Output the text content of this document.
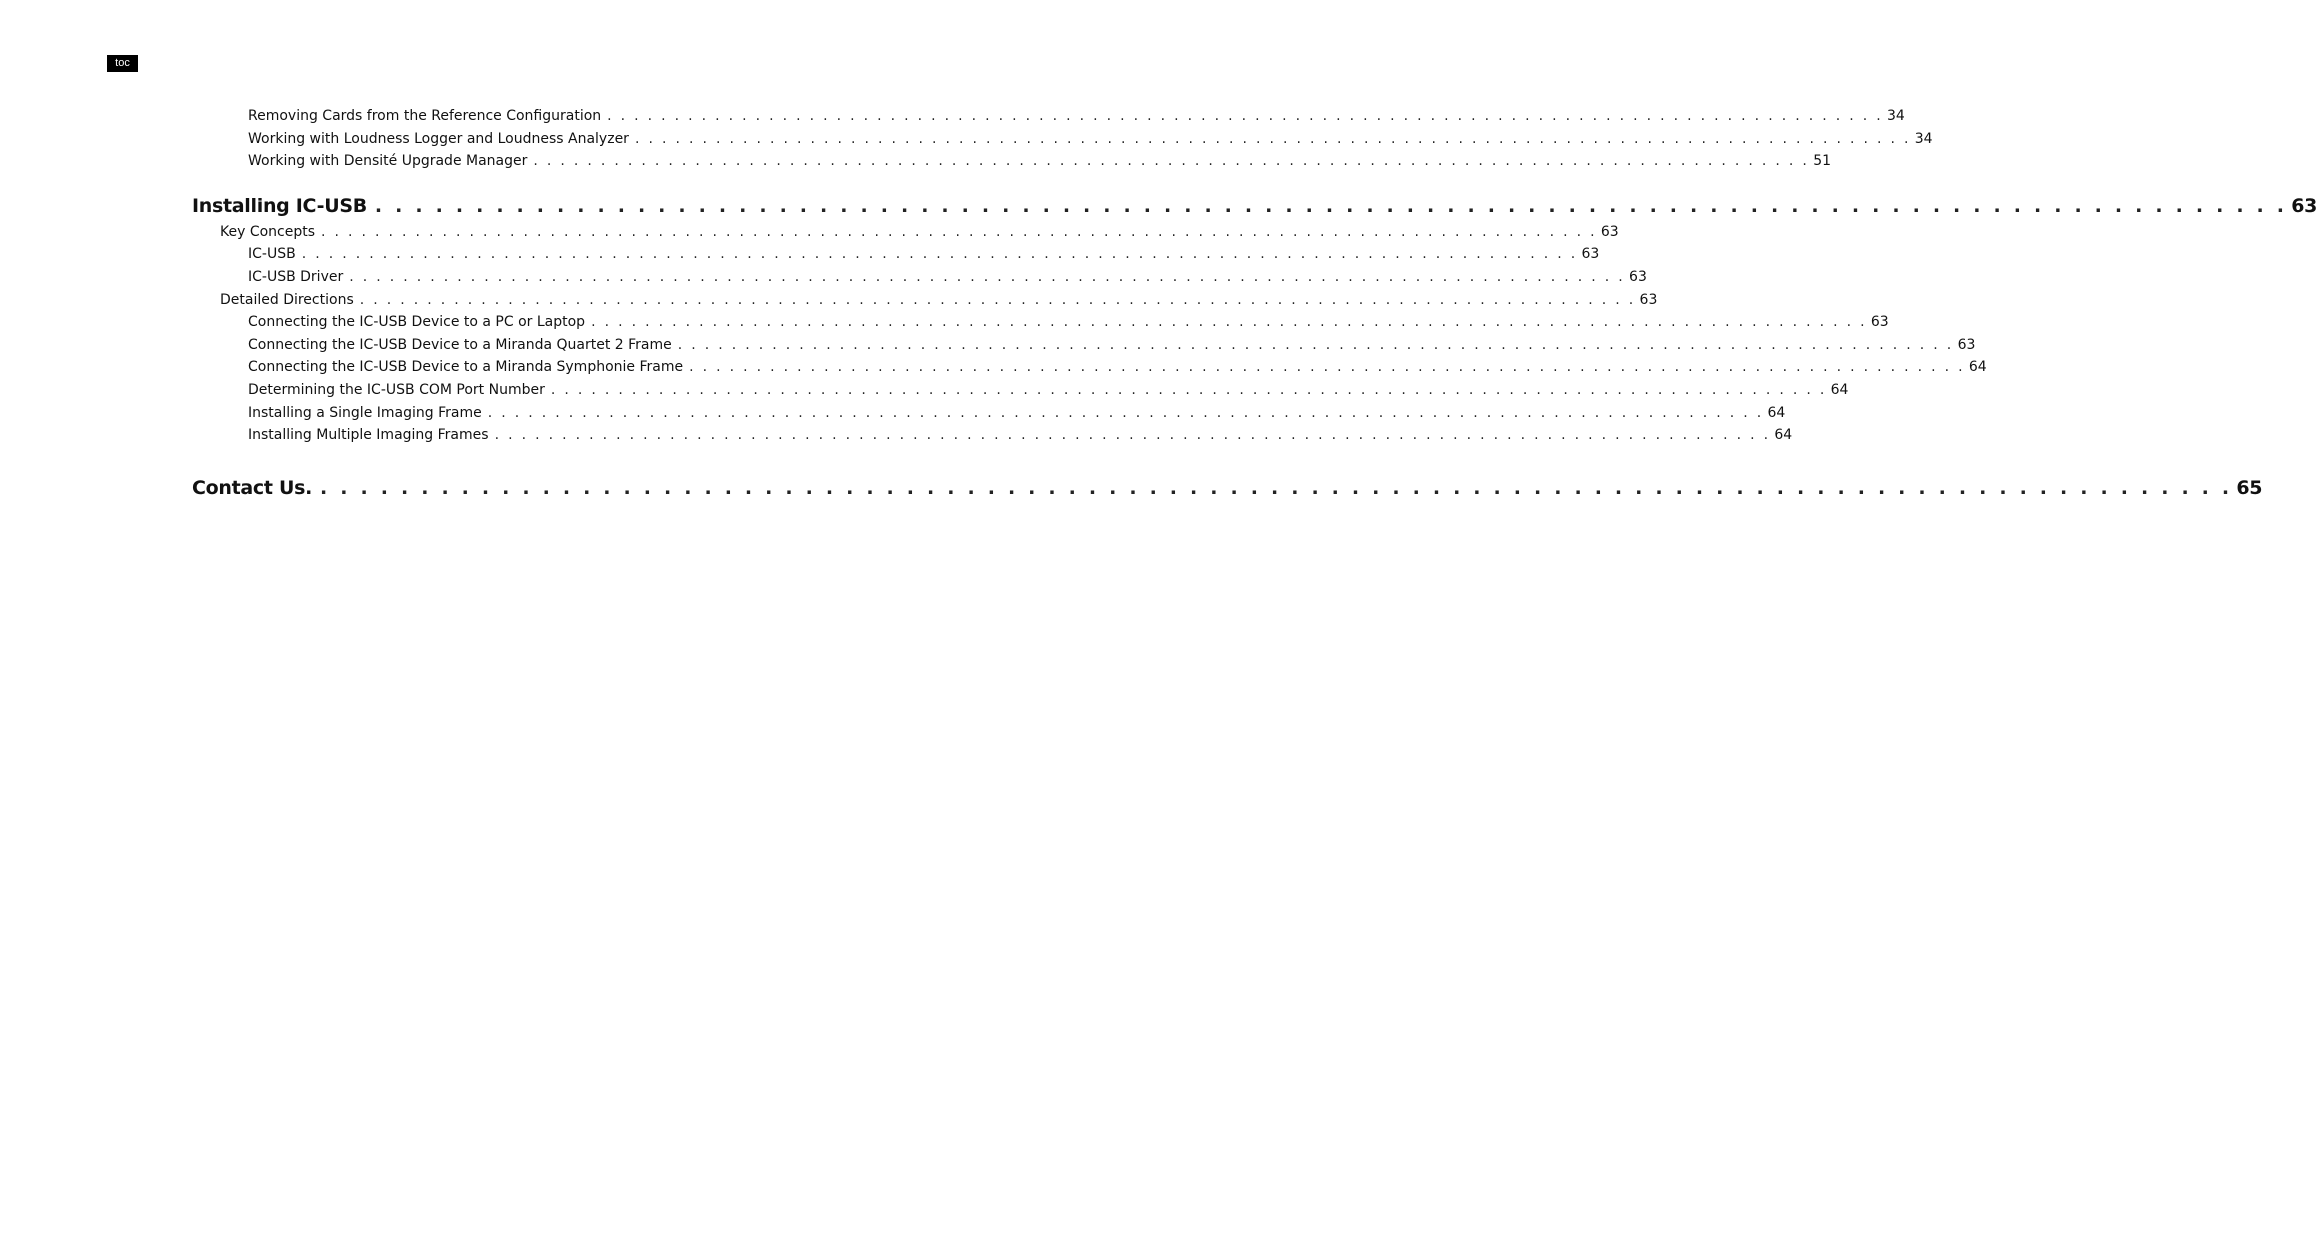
toc
Removing Cards from the Reference Configuration . . . . . . . . . . . . . . . . . . . . . . . . . . . . . . . . . . . . . . . . . . . . . . . . . . . . . . . . . . . . . . . . . . . . . . . . . . . . . . . . . . . . . . . . . . . . . . . 34
Working with Loudness Logger and Loudness Analyzer . . . . . . . . . . . . . . . . . . . . . . . . . . . . . . . . . . . . . . . . . . . . . . . . . . . . . . . . . . . . . . . . . . . . . . . . . . . . . . . . . . . . . . . . . . . . . . . 34
Working with Densité Upgrade Manager . . . . . . . . . . . . . . . . . . . . . . . . . . . . . . . . . . . . . . . . . . . . . . . . . . . . . . . . . . . . . . . . . . . . . . . . . . . . . . . . . . . . . . . . . . . . . . . 51
Installing IC-USB . . . . . . . . . . . . . . . . . . . . . . . . . . . . . . . . . . . . . . . . . . . . . . . . . . . . . . . . . . . . . . . . . . . . . . . . . . . . . . . . . . . . . . . . . . . . . . . 63
Key Concepts . . . . . . . . . . . . . . . . . . . . . . . . . . . . . . . . . . . . . . . . . . . . . . . . . . . . . . . . . . . . . . . . . . . . . . . . . . . . . . . . . . . . . . . . . . . . . . . 63
IC-USB . . . . . . . . . . . . . . . . . . . . . . . . . . . . . . . . . . . . . . . . . . . . . . . . . . . . . . . . . . . . . . . . . . . . . . . . . . . . . . . . . . . . . . . . . . . . . . . 63
IC-USB Driver . . . . . . . . . . . . . . . . . . . . . . . . . . . . . . . . . . . . . . . . . . . . . . . . . . . . . . . . . . . . . . . . . . . . . . . . . . . . . . . . . . . . . . . . . . . . . . . 63
Detailed Directions . . . . . . . . . . . . . . . . . . . . . . . . . . . . . . . . . . . . . . . . . . . . . . . . . . . . . . . . . . . . . . . . . . . . . . . . . . . . . . . . . . . . . . . . . . . . . . . 63
Connecting the IC-USB Device to a PC or Laptop . . . . . . . . . . . . . . . . . . . . . . . . . . . . . . . . . . . . . . . . . . . . . . . . . . . . . . . . . . . . . . . . . . . . . . . . . . . . . . . . . . . . . . . . . . . . . . . 63
Connecting the IC-USB Device to a Miranda Quartet 2 Frame . . . . . . . . . . . . . . . . . . . . . . . . . . . . . . . . . . . . . . . . . . . . . . . . . . . . . . . . . . . . . . . . . . . . . . . . . . . . . . . . . . . . . . . . . . . . . . . 63
Connecting the IC-USB Device to a Miranda Symphonie Frame . . . . . . . . . . . . . . . . . . . . . . . . . . . . . . . . . . . . . . . . . . . . . . . . . . . . . . . . . . . . . . . . . . . . . . . . . . . . . . . . . . . . . . . . . . . . . . . 64
Determining the IC-USB COM Port Number . . . . . . . . . . . . . . . . . . . . . . . . . . . . . . . . . . . . . . . . . . . . . . . . . . . . . . . . . . . . . . . . . . . . . . . . . . . . . . . . . . . . . . . . . . . . . . . 64
Installing a Single Imaging Frame . . . . . . . . . . . . . . . . . . . . . . . . . . . . . . . . . . . . . . . . . . . . . . . . . . . . . . . . . . . . . . . . . . . . . . . . . . . . . . . . . . . . . . . . . . . . . . . 64
Installing Multiple Imaging Frames . . . . . . . . . . . . . . . . . . . . . . . . . . . . . . . . . . . . . . . . . . . . . . . . . . . . . . . . . . . . . . . . . . . . . . . . . . . . . . . . . . . . . . . . . . . . . . . 64
Contact Us. . . . . . . . . . . . . . . . . . . . . . . . . . . . . . . . . . . . . . . . . . . . . . . . . . . . . . . . . . . . . . . . . . . . . . . . . . . . . . . . . . . . . . . . . . . . . . . . 65
